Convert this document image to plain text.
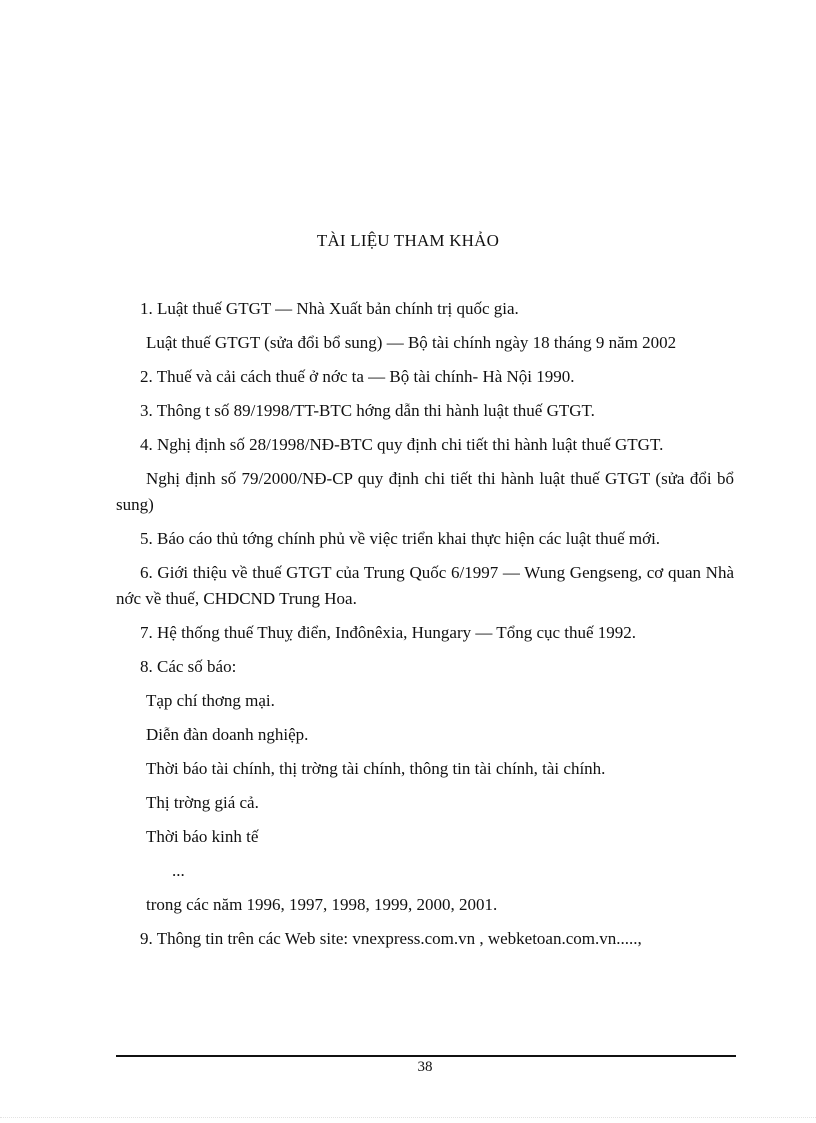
TÀI LIỆU THAM KHẢO

1. Luật thuế GTGT — Nhà Xuất bản chính trị quốc gia.

Luật thuế GTGT (sửa đổi bổ sung) — Bộ tài chính ngày 18 tháng 9 năm 2002

2. Thuế và cải cách thuế ở nớc ta — Bộ tài chính- Hà Nội 1990.

3. Thông t số 89/1998/TT-BTC hớng dẫn thi hành luật thuế GTGT.

4. Nghị định số 28/1998/NĐ-BTC quy định chi tiết thi hành luật thuế GTGT.

Nghị định số 79/2000/NĐ-CP quy định chi tiết thi hành luật thuế GTGT (sửa đổi bổ sung)

5. Báo cáo thủ tớng chính phủ về việc triển khai thực hiện các luật thuế mới.

6. Giới thiệu về thuế GTGT của Trung Quốc 6/1997 — Wung Gengseng, cơ quan Nhà nớc về thuế, CHDCND Trung Hoa.

7. Hệ thống thuế Thuỵ điển, Inđônêxia, Hungary — Tổng cục thuế 1992.

8. Các số báo:

Tạp chí thơng mại.

Diễn đàn doanh nghiệp.

Thời báo tài chính, thị trờng tài chính, thông tin tài chính, tài chính.

Thị trờng giá cả.

Thời báo kinh tế

...

trong các năm 1996, 1997, 1998, 1999, 2000, 2001.

9. Thông tin trên các Web site: vnexpress.com.vn , webketoan.com.vn.....,

38
